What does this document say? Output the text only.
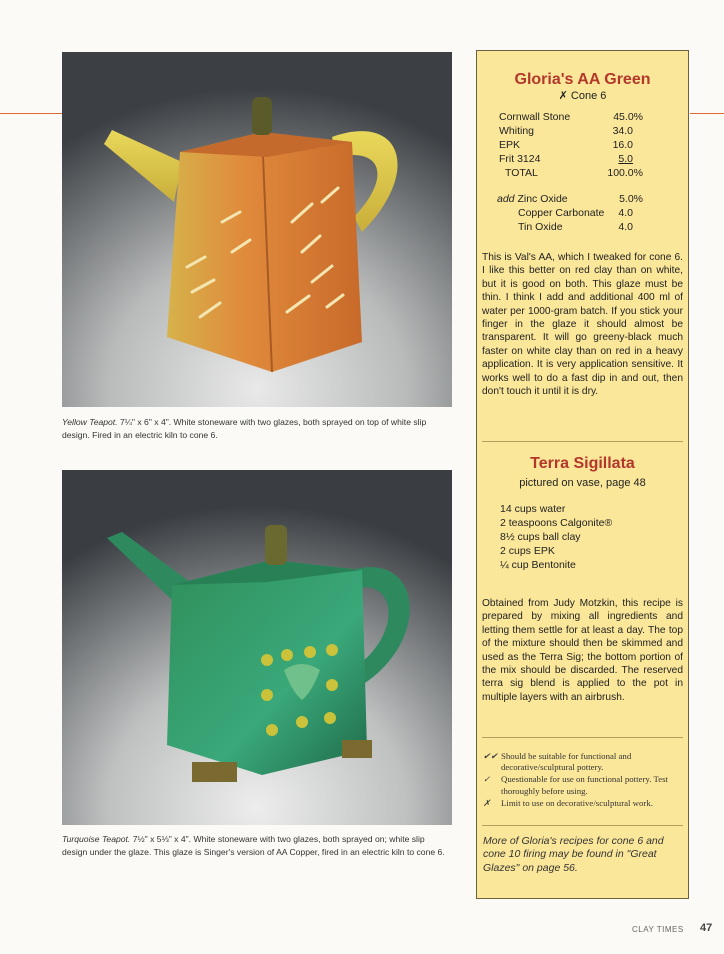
Yellow Teapot. 7¼" x 6" x 4". White stoneware with two glazes, both sprayed on top of white slip design. Fired in an electric kiln to cone 6.
Turquoise Teapot. 7½" x 5⅓" x 4". White stoneware with two glazes, both sprayed on; white slip design under the glaze. This glaze is Singer's version of AA Copper, fired in an electric kiln to cone 6.
Gloria's AA Green
✗ Cone 6
Cornwall Stone	45.0%
Whiting	34.0
EPK	16.0
Frit 3124	5.0
TOTAL	100.0%
add Zinc Oxide	5.0%
Copper Carbonate 4.0
Tin Oxide	4.0
This is Val's AA, which I tweaked for cone 6. I like this better on red clay than on white, but it is good on both. This glaze must be thin. I think I add and additional 400 ml of water per 1000-gram batch. If you stick your finger in the glaze it should almost be transparent. It will go greeny-black much faster on white clay than on red in a heavy application. It is very application sensitive. It works well to do a fast dip in and out, then don't touch it until it is dry.
Terra Sigillata
pictured on vase, page 48
14 cups water
2 teaspoons Calgonite®
8½ cups ball clay
2 cups EPK
¼ cup Bentonite
Obtained from Judy Motzkin, this recipe is prepared by mixing all ingredients and letting them settle for at least a day. The top of the mixture should then be skimmed and used as the Terra Sig; the bottom portion of the mix should be discarded. The reserved terra sig blend is applied to the pot in multiple layers with an airbrush.
✔✔ Should be suitable for functional and decorative/sculptural pottery.
✓	Questionable for use on functional pottery. Test thoroughly before using.
✗	Limit to use on decorative/sculptural work.
More of Gloria's recipes for cone 6 and cone 10 firing may be found in "Great Glazes" on page 56.
CLAY TIMES 47
